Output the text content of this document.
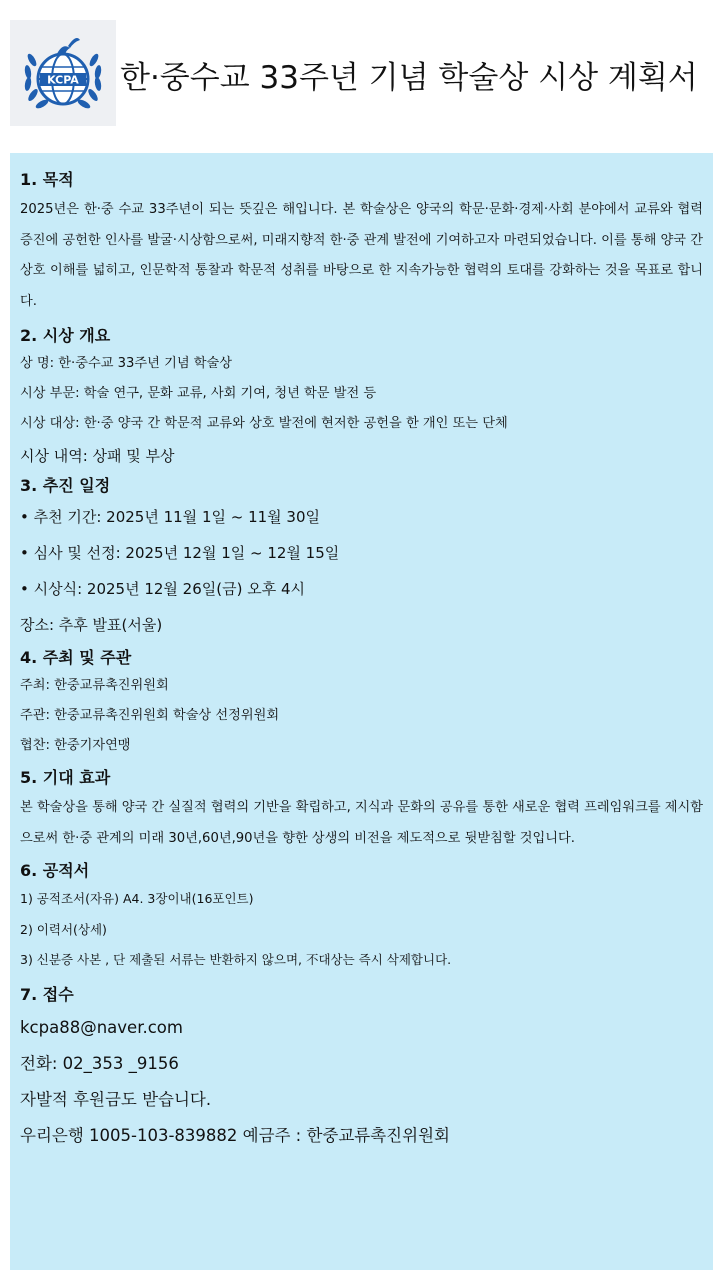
KCPA 한·중수교 33주년 기념 학술상 시상 계획서
1. 목적

2025년은 한·중 수교 33주년이 되는 뜻깊은 해입니다. 본 학술상은 양국의 학문·문화·경제·사회 분야에서 교류와 협력 증진에 공헌한 인사를 발굴·시상함으로써, 미래지향적 한·중 관계 발전에 기여하고자 마련되었습니다. 이를 통해 양국 간 상호 이해를 넓히고, 인문학적 통찰과 학문적 성취를 바탕으로 한 지속가능한 협력의 토대를 강화하는 것을 목표로 합니다.

2. 시상 개요

상 명: 한·중수교 33주년 기념 학술상

시상 부문: 학술 연구, 문화 교류, 사회 기여, 청년 학문 발전 등

시상 대상: 한·중 양국 간 학문적 교류와 상호 발전에 현저한 공헌을 한 개인 또는 단체

시상 내역: 상패 및 부상

3. 추진 일정

• 추천 기간: 2025년 11월 1일 ~ 11월 30일

• 심사 및 선정: 2025년 12월 1일 ~ 12월 15일

• 시상식: 2025년 12월 26일(금) 오후 4시

장소: 추후 발표(서울)

4. 주최 및 주관

주최: 한중교류촉진위원회

주관: 한중교류촉진위원회 학술상 선정위원회

협찬: 한중기자연맹

5. 기대 효과

본 학술상을 통해 양국 간 실질적 협력의 기반을 확립하고, 지식과 문화의 공유를 통한 새로운 협력 프레임워크를 제시함으로써 한·중 관계의 미래 30년,60년,90년을 향한 상생의 비전을 제도적으로 뒷받침할 것입니다.

6. 공적서

1) 공적조서(자유) A4. 3장이내(16포인트)

2) 이력서(상세)

3) 신분증 사본 , 단 제출된 서류는 반환하지 않으며, 不대상는 즉시 삭제합니다.

7. 접수

kcpa88@naver.com

전화: 02_353 _9156

자발적 후원금도 받습니다.

우리은행 1005-103-839882 예금주 : 한중교류촉진위원회
